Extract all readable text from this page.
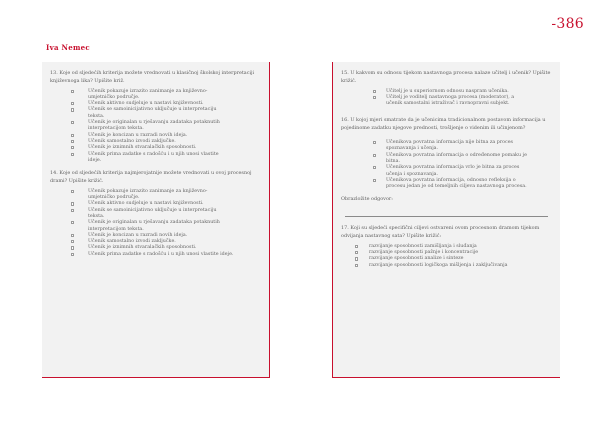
-386
Iva Nemec

13. Koje od sljedećih kriterija možete vrednovati u klasičnoj školskoj interpretaciji književnoga lika? Upišite križ.

Učenik pokazuje izrazito zanimanje za književno-
umjetničko područje.
Učenik aktivno sudjeluje u nastavi književnosti.
Učenik se samoinicijativno uključuje u interpretaciju
teksta.
Učenik je originalan u rješavanju zadataka potaknutih
interpretacijom teksta.
Učenik je koncizan u razradi novih ideja.
Učenik samostalno izvodi zaključke.
Učenik je iznimnih stvaralačkih sposobnosti.
Učenik prima zadatke s radošću i u njih unosi vlastite
ideje.

14. Koje od sljedećih kriterija najmjerojatnije možete vrednovati u ovoj procesnoj drami? Upišite križić.

Učenik pokazuje izrazito zanimanje za književno-
umjetničko područje.
Učenik aktivno sudjeluje u nastavi književnosti.
Učenik se samoinicijativno uključuje u interpretaciju
teksta.
Učenik je originalan u rješavanju zadataka potaknutih
interpretacijom teksta.
Učenik je koncizan u razradi novih ideja.
Učenik samostalno izvodi zaključke.
Učenik je iznimnih stvaralačkih sposobnosti.
Učenik prima zadatke s radošću i u njih unosi vlastite ideje.

15. U kakvom su odnosu tijekom nastavnoga procesa nalaze učitelj i učenik? Upišite križić.

Učitelj je u superiornom odnosu naspram učenika.
Učitelj je voditelj nastavnoga procesa (moderator), a
učenik samostalni istraživač i ravnopravni subjekt.

16. U kojoj mjeri smatrate da je učenicima tradicionalnom postavom informacija u pojedinome zadatku njegove prednosti, trošljenje o videnim ili učinjenom?

Učenikova povratna informacija nije bitna za proces
spoznavanja i učenja.
Učenikova povratna informacija o određenome pomaku je
bitna.
Učenikova povratna informacija vrlo je bitna za proces
učenja i spoznavanja.
Učenikova povratna informacija, odnosno refleksija o
procesu jedan je od temeljnih ciljeva nastavnoga procesa.

Obrazložite odgovor:

17. Koji su sljedeći specifični ciljevi ostvareni ovom procesnom dramom tijekom odvijanja nastavnog sata? Upišite križić:

razvijanje sposobnosti zamišljanja i sluđanja
razvijanje sposobnosti pažnje i koncentracije
razvijanje sposobnosti analize i sinteze
razvijanje sposobnosti logičkoga mišljenja i zaključivanja
